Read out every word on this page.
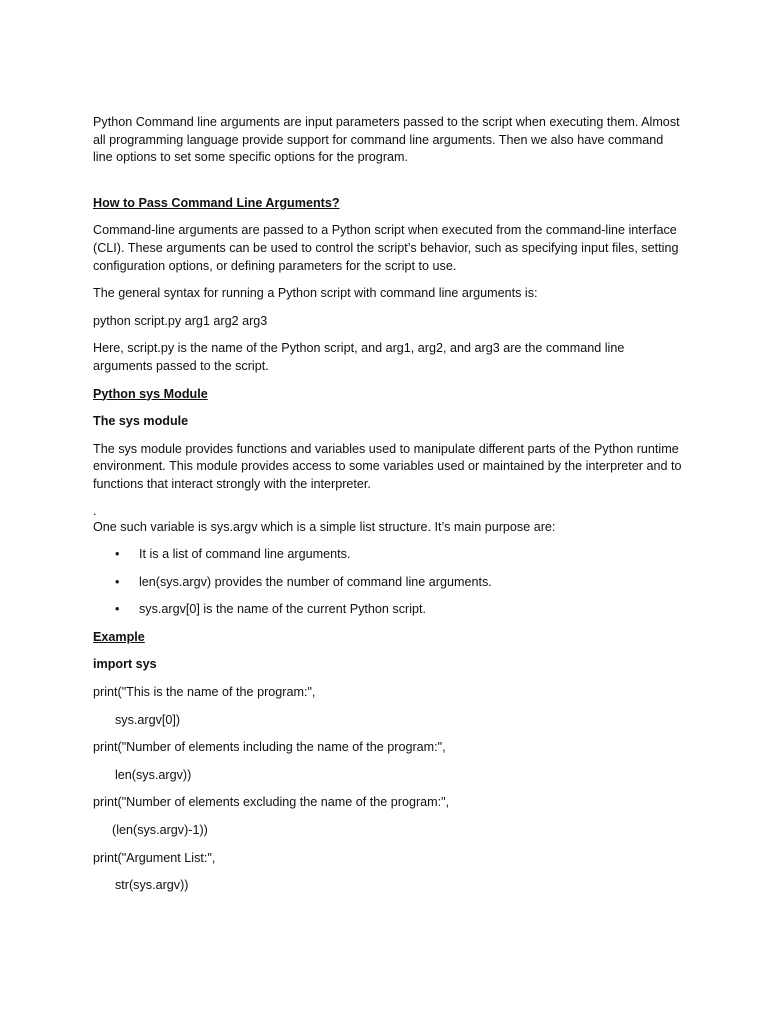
Python Command line arguments are input parameters passed to the script when executing them. Almost all programming language provide support for command line arguments. Then we also have command line options to set some specific options for the program.

How to Pass Command Line Arguments?

Command-line arguments are passed to a Python script when executed from the command-line interface (CLI). These arguments can be used to control the script’s behavior, such as specifying input files, setting configuration options, or defining parameters for the script to use.

The general syntax for running a Python script with command line arguments is:

python script.py arg1 arg2 arg3

Here, script.py is the name of the Python script, and arg1, arg2, and arg3 are the command line arguments passed to the script.

Python sys Module

The sys module

The sys module provides functions and variables used to manipulate different parts of the Python runtime environment. This module provides access to some variables used or maintained by the interpreter and to functions that interact strongly with the interpreter.

.

One such variable is sys.argv which is a simple list structure. It’s main purpose are:

• It is a list of command line arguments.
• len(sys.argv) provides the number of command line arguments.
• sys.argv[0] is the name of the current Python script.

Example

import sys

print("This is the name of the program:",

sys.argv[0])

print("Number of elements including the name of the program:",

len(sys.argv))

print("Number of elements excluding the name of the program:",

(len(sys.argv)-1))

print("Argument List:",

str(sys.argv))
